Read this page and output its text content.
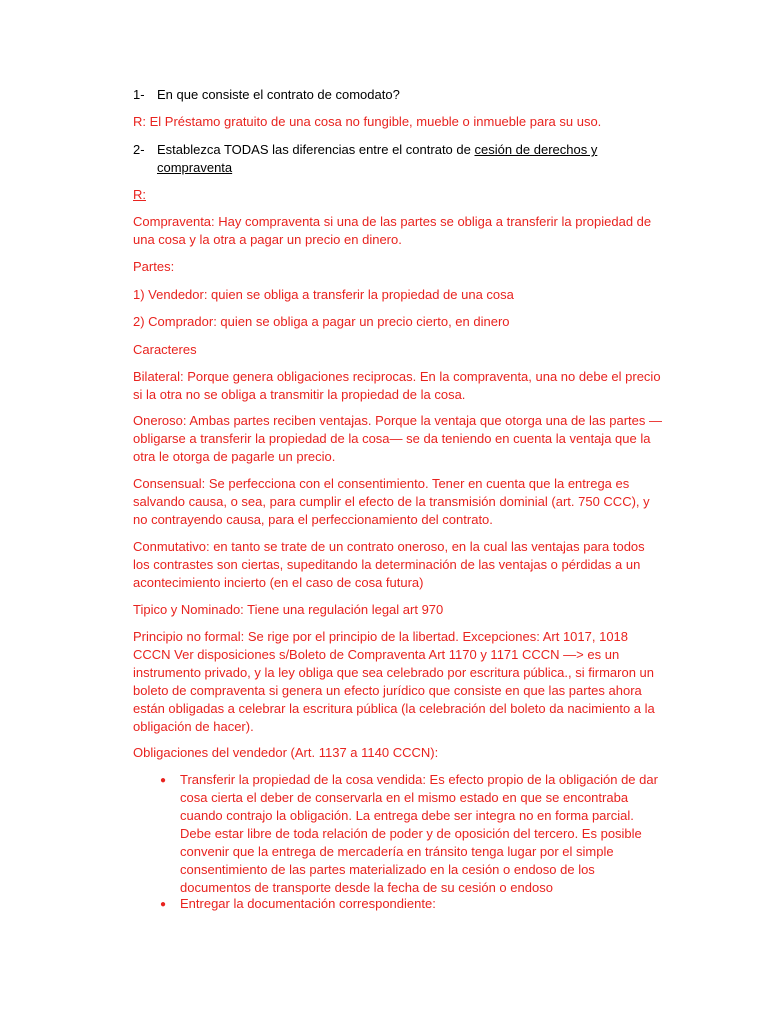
1- En que consiste el contrato de comodato?

R: El Préstamo gratuito de una cosa no fungible, mueble o inmueble para su uso.

2- Establezca TODAS las diferencias entre el contrato de cesión de derechos y
compraventa

R:

Compraventa: Hay compraventa si una de las partes se obliga a transferir la propiedad de una cosa y la otra a pagar un precio en dinero.

Partes:

1) Vendedor: quien se obliga a transferir la propiedad de una cosa

2) Comprador: quien se obliga a pagar un precio cierto, en dinero

Caracteres

Bilateral: Porque genera obligaciones reciprocas. En la compraventa, una no debe el precio si la otra no se obliga a transmitir la propiedad de la cosa.

Oneroso: Ambas partes reciben ventajas. Porque la ventaja que otorga una de las partes — obligarse a transferir la propiedad de la cosa— se da teniendo en cuenta la ventaja que la otra le otorga de pagarle un precio.

Consensual: Se perfecciona con el consentimiento. Tener en cuenta que la entrega es salvando causa, o sea, para cumplir el efecto de la transmisión dominial (art. 750 CCC), y no contrayendo causa, para el perfeccionamiento del contrato.

Conmutativo: en tanto se trate de un contrato oneroso, en la cual las ventajas para todos los contrastes son ciertas, supeditando la determinación de las ventajas o pérdidas a un acontecimiento incierto (en el caso de cosa futura)

Tipico y Nominado: Tiene una regulación legal art 970

Principio no formal: Se rige por el principio de la libertad. Excepciones: Art 1017, 1018 CCCN Ver disposiciones s/Boleto de Compraventa Art 1170 y 1171 CCCN —> es un instrumento privado, y la ley obliga que sea celebrado por escritura pública., si firmaron un boleto de compraventa si genera un efecto jurídico que consiste en que las partes ahora están obligadas a celebrar la escritura pública (la celebración del boleto da nacimiento a la obligación de hacer).

Obligaciones del vendedor (Art. 1137 a 1140 CCCN):

● Transferir la propiedad de la cosa vendida: Es efecto propio de la obligación de dar cosa cierta el deber de conservarla en el mismo estado en que se encontraba cuando contrajo la obligación. La entrega debe ser integra no en forma parcial. Debe estar libre de toda relación de poder y de oposición del tercero. Es posible convenir que la entrega de mercadería en tránsito tenga lugar por el simple consentimiento de las partes materializado en la cesión o endoso de los documentos de transporte desde la fecha de su cesión o endoso

● Entregar la documentación correspondiente:
